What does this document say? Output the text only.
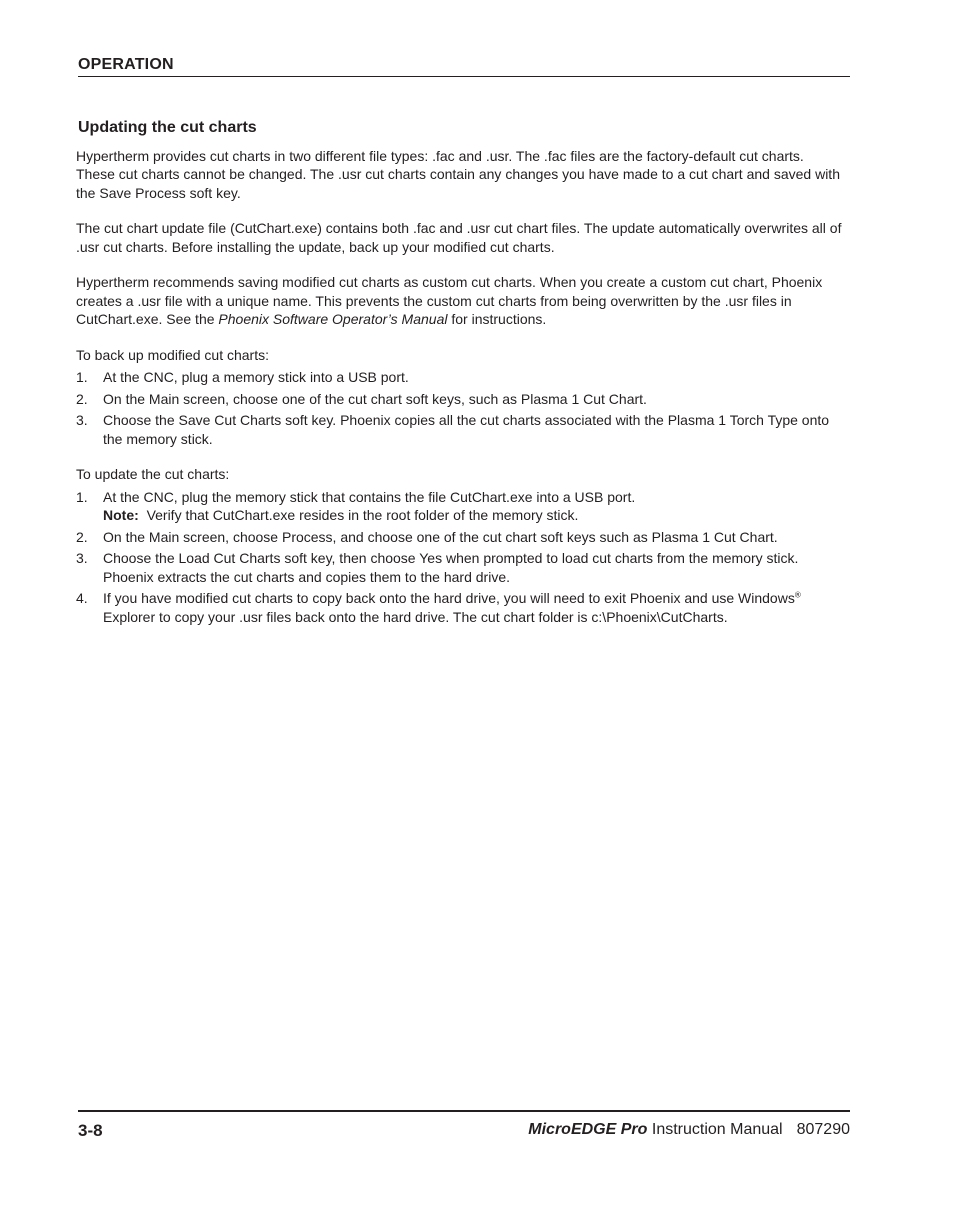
OPERATION
Updating the cut charts

Hypertherm provides cut charts in two different file types: .fac and .usr. The .fac files are the factory-default cut charts. These cut charts cannot be changed. The .usr cut charts contain any changes you have made to a cut chart and saved with the Save Process soft key.

The cut chart update file (CutChart.exe) contains both .fac and .usr cut chart files. The update automatically overwrites all of .usr cut charts. Before installing the update, back up your modified cut charts.

Hypertherm recommends saving modified cut charts as custom cut charts. When you create a custom cut chart, Phoenix creates a .usr file with a unique name. This prevents the custom cut charts from being overwritten by the .usr files in CutChart.exe. See the Phoenix Software Operator’s Manual for instructions.

To back up modified cut charts:

1. At the CNC, plug a memory stick into a USB port.
2. On the Main screen, choose one of the cut chart soft keys, such as Plasma 1 Cut Chart.
3. Choose the Save Cut Charts soft key. Phoenix copies all the cut charts associated with the Plasma 1 Torch Type onto the memory stick.

To update the cut charts:

1. At the CNC, plug the memory stick that contains the file CutChart.exe into a USB port.
Note: Verify that CutChart.exe resides in the root folder of the memory stick.
2. On the Main screen, choose Process, and choose one of the cut chart soft keys such as Plasma 1 Cut Chart.
3. Choose the Load Cut Charts soft key, then choose Yes when prompted to load cut charts from the memory stick. Phoenix extracts the cut charts and copies them to the hard drive.
4. If you have modified cut charts to copy back onto the hard drive, you will need to exit Phoenix and use Windows® Explorer to copy your .usr files back onto the hard drive. The cut chart folder is c:\Phoenix\CutCharts.
3-8	MicroEDGE Pro Instruction Manual 807290
